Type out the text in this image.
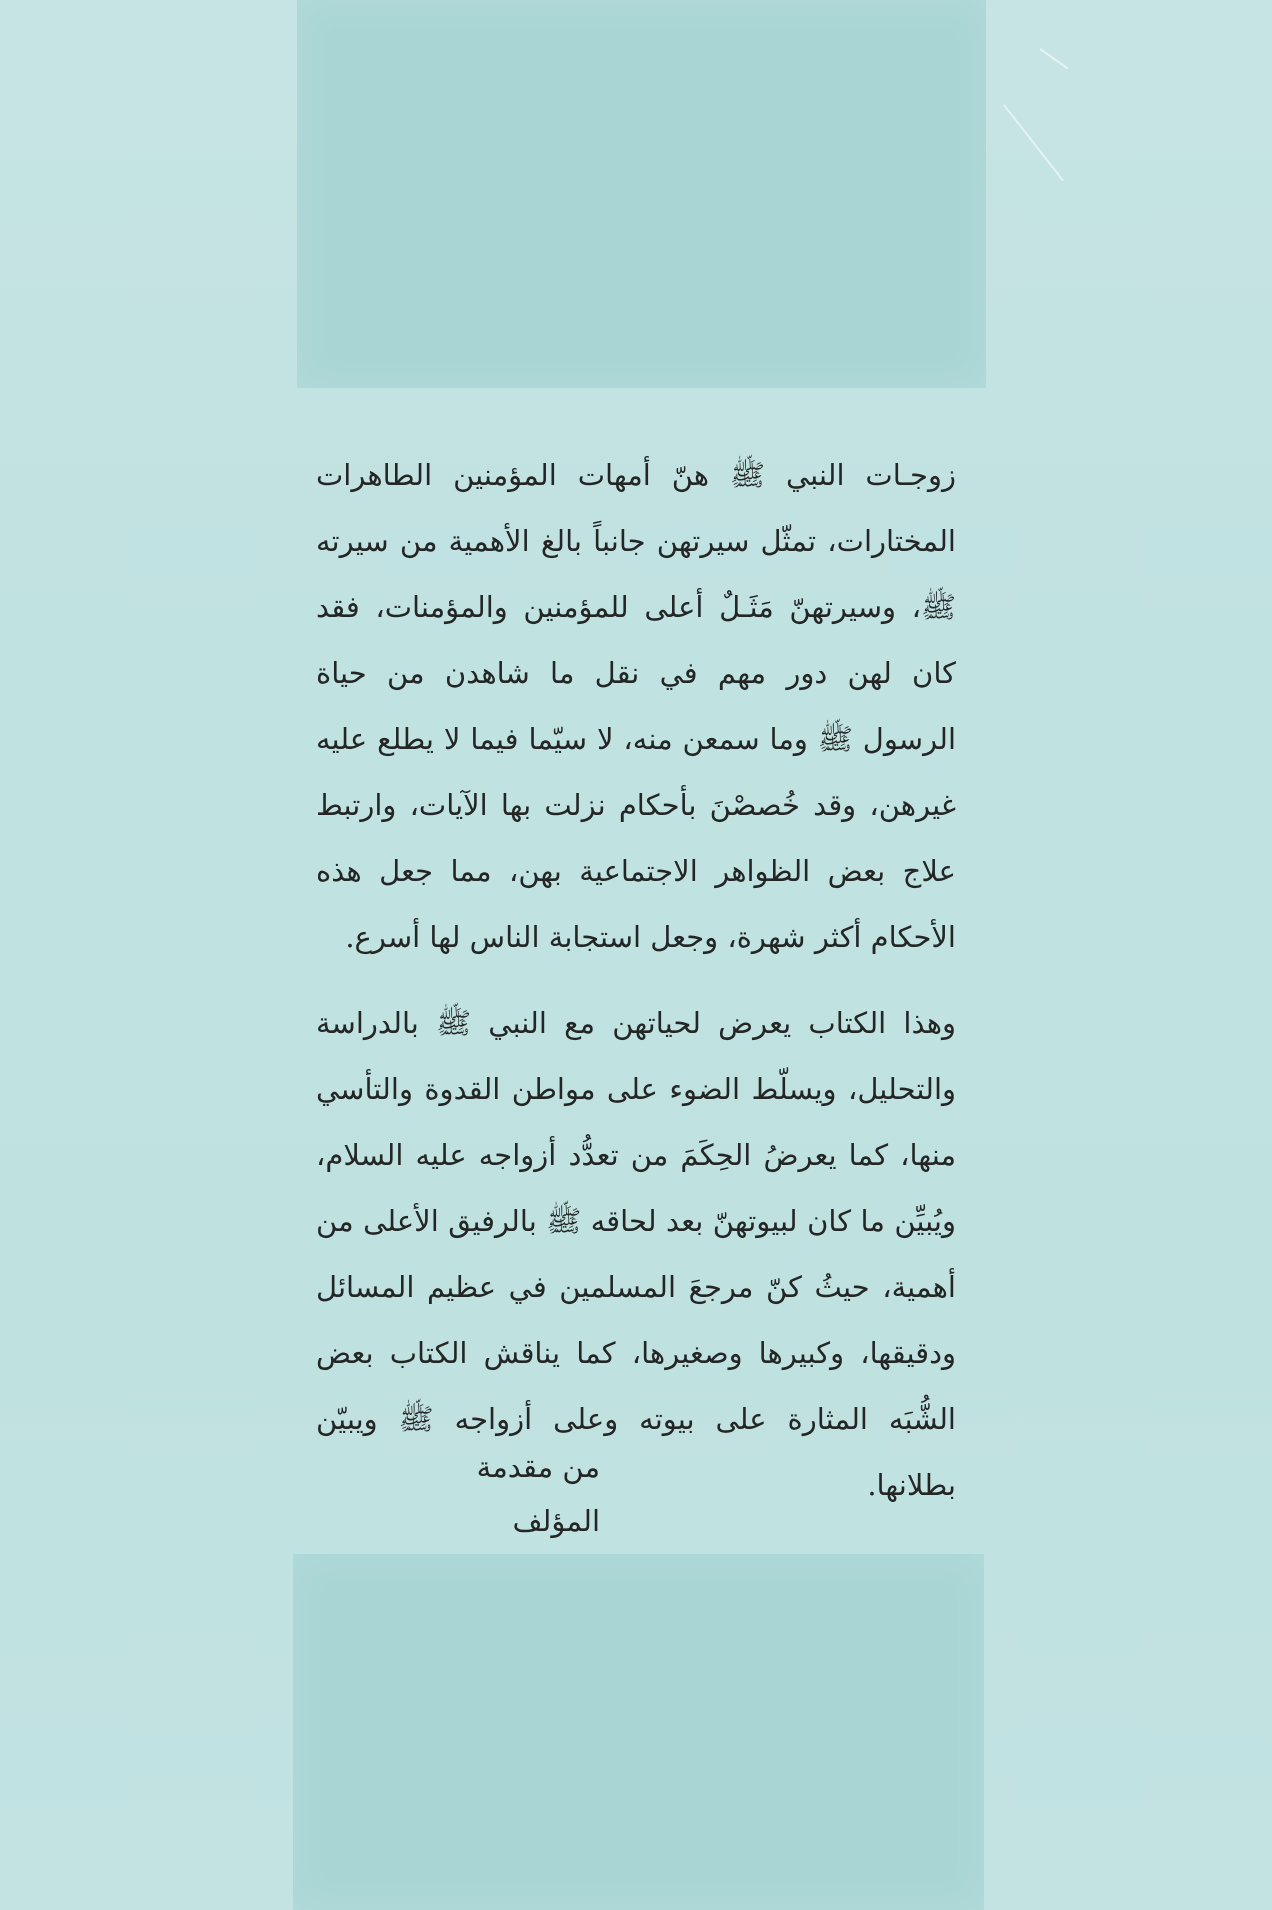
زوجـات النبي ﷺ هنّ أمهات المؤمنين الطاهرات المختارات، تمثّل سيرتهن جانباً بالغ الأهمية من سيرته ﷺ، وسيرتهنّ مَثَـلٌ أعلى للمؤمنين والمؤمنات، فقد كان لهن دور مهم في نقل ما شاهدن من حياة الرسول ﷺ وما سمعن منه، لا سيّما فيما لا يطلع عليه غيرهن، وقد خُصصْنَ بأحكام نزلت بها الآيات، وارتبط علاج بعض الظواهر الاجتماعية بهن، مما جعل هذه الأحكام أكثر شهرة، وجعل استجابة الناس لها أسرع.

وهذا الكتاب يعرض لحياتهن مع النبي ﷺ بالدراسة والتحليل، ويسلّط الضوء على مواطن القدوة والتأسي منها، كما يعرضُ الحِكَمَ من تعدُّد أزواجه عليه السلام، ويُبيِّن ما كان لبيوتهنّ بعد لحاقه ﷺ بالرفيق الأعلى من أهمية، حيثُ كنّ مرجعَ المسلمين في عظيم المسائل ودقيقها، وكبيرها وصغيرها، كما يناقش الكتاب بعض الشُّبَه المثارة على بيوته وعلى أزواجه ﷺ ويبيّن بطلانها.

من مقدمة المؤلف
